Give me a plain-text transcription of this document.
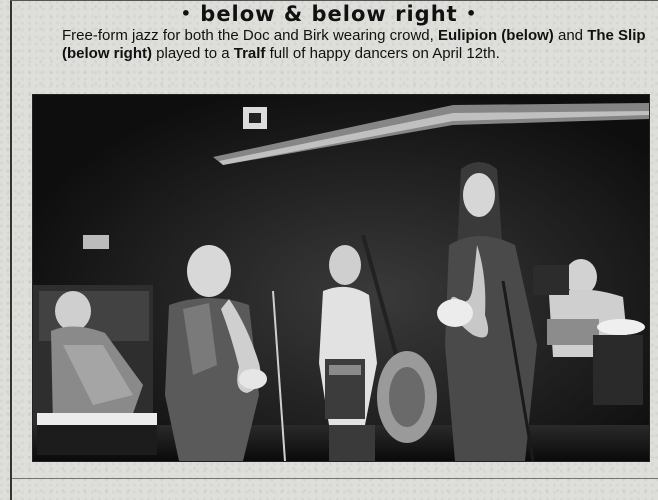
• below & below right •

Free-form jazz for both the Doc and Birk wearing crowd, Eulipion (below) and The Slip
(below right) played to a Tralf full of happy dancers on April 12th.
